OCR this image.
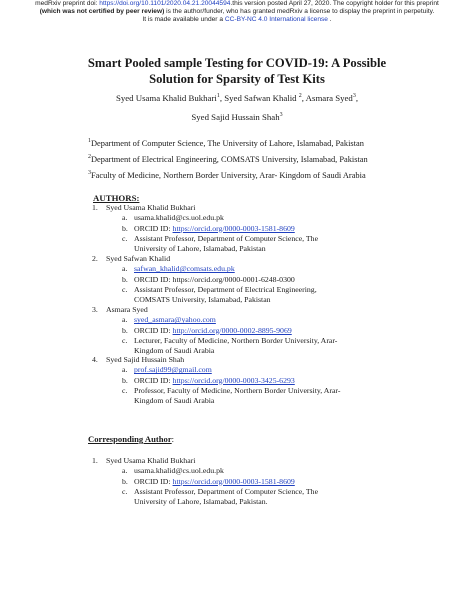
medRxiv preprint doi: https://doi.org/10.1101/2020.04.21.20044594.this version posted April 27, 2020. The copyright holder for this preprint
(which was not certified by peer review) is the author/funder, who has granted medRxiv a license to display the preprint in perpetuity.
It is made available under a CC-BY-NC 4.0 International license .
Smart Pooled sample Testing for COVID-19: A Possible
Solution for Sparsity of Test Kits
Syed Usama Khalid Bukhari$^1$, Syed Safwan Khalid $^2$, Asmara Syed$^3$,
Syed Sajid Hussain Shah$^3$
$^1$Department of Computer Science, The University of Lahore, Islamabad, Pakistan
$^2$Department of Electrical Engineering, COMSATS University, Islamabad, Pakistan
$^3$Faculty of Medicine, Northern Border University, Arar- Kingdom of Saudi Arabia
AUTHORS:
1. Syed Usama Khalid Bukhari
a. usama.khalid@cs.uol.edu.pk
b. ORCID ID: https://orcid.org/0000-0003-1581-8609
c. Assistant Professor, Department of Computer Science, The
University of Lahore, Islamabad, Pakistan
2. Syed Safwan Khalid
a. safwan_khalid@comsats.edu.pk
b. ORCID ID: https://orcid.org/0000-0001-6248-0300
c. Assistant Professor, Department of Electrical Engineering,
COMSATS University, Islamabad, Pakistan
3. Asmara Syed
a. syed_asmara@yahoo.com
b. ORCID ID: http://orcid.org/0000-0002-8895-9069
c. Lecturer, Faculty of Medicine, Northern Border University, Arar-
Kingdom of Saudi Arabia
4. Syed Sajid Hussain Shah
a. prof.sajid99@gmail.com
b. ORCID ID: https://orcid.org/0000-0003-3425-6293
c. Professor, Faculty of Medicine, Northern Border University, Arar-
Kingdom of Saudi Arabia
Corresponding Author:
1. Syed Usama Khalid Bukhari
a. usama.khalid@cs.uol.edu.pk
b. ORCID ID: https://orcid.org/0000-0003-1581-8609
c. Assistant Professor, Department of Computer Science, The
University of Lahore, Islamabad, Pakistan.
